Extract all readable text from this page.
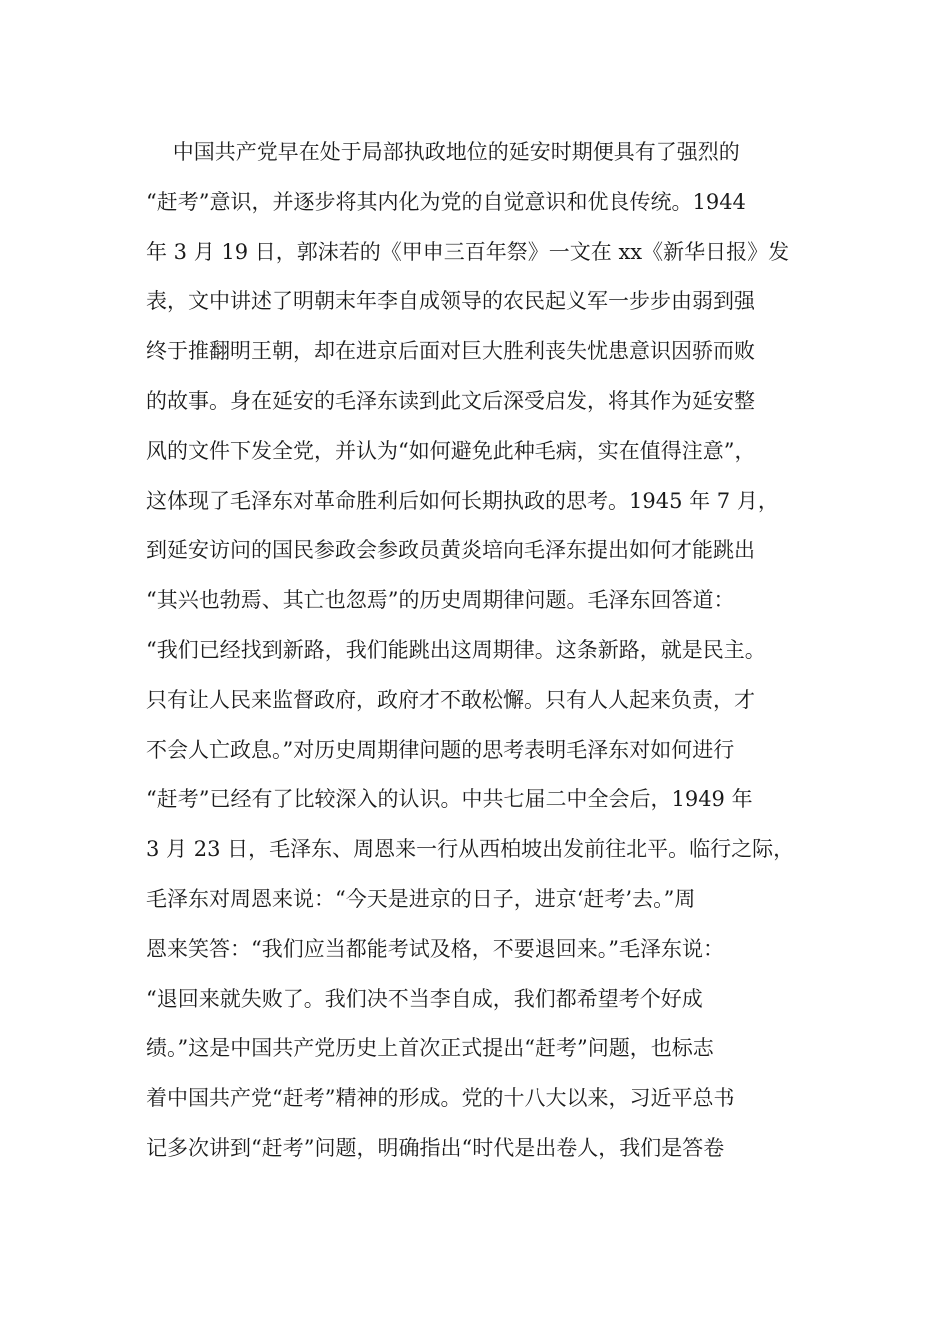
中国共产党早在处于局部执政地位的延安时期便具有了强烈的
“赶考”意识，并逐步将其内化为党的自觉意识和优良传统。1944
年 3 月 19 日，郭沫若的《甲申三百年祭》一文在 xx《新华日报》发
表，文中讲述了明朝末年李自成领导的农民起义军一步步由弱到强
终于推翻明王朝，却在进京后面对巨大胜利丧失忧患意识因骄而败
的故事。身在延安的毛泽东读到此文后深受启发，将其作为延安整
风的文件下发全党，并认为“如何避免此种毛病，实在值得注意”，
这体现了毛泽东对革命胜利后如何长期执政的思考。1945 年 7 月，
到延安访问的国民参政会参政员黄炎培向毛泽东提出如何才能跳出
“其兴也勃焉、其亡也忽焉”的历史周期律问题。毛泽东回答道：
“我们已经找到新路，我们能跳出这周期律。这条新路，就是民主。
只有让人民来监督政府，政府才不敢松懈。只有人人起来负责，才
不会人亡政息。”对历史周期律问题的思考表明毛泽东对如何进行
“赶考”已经有了比较深入的认识。中共七届二中全会后，1949 年
3 月 23 日，毛泽东、周恩来一行从西柏坡出发前往北平。临行之际，
毛泽东对周恩来说：“今天是进京的日子，进京‘赶考’去。”周
恩来笑答：“我们应当都能考试及格，不要退回来。”毛泽东说：
“退回来就失败了。我们决不当李自成，我们都希望考个好成
绩。”这是中国共产党历史上首次正式提出“赶考”问题，也标志
着中国共产党“赶考”精神的形成。党的十八大以来，习近平总书
记多次讲到“赶考”问题，明确指出“时代是出卷人，我们是答卷
